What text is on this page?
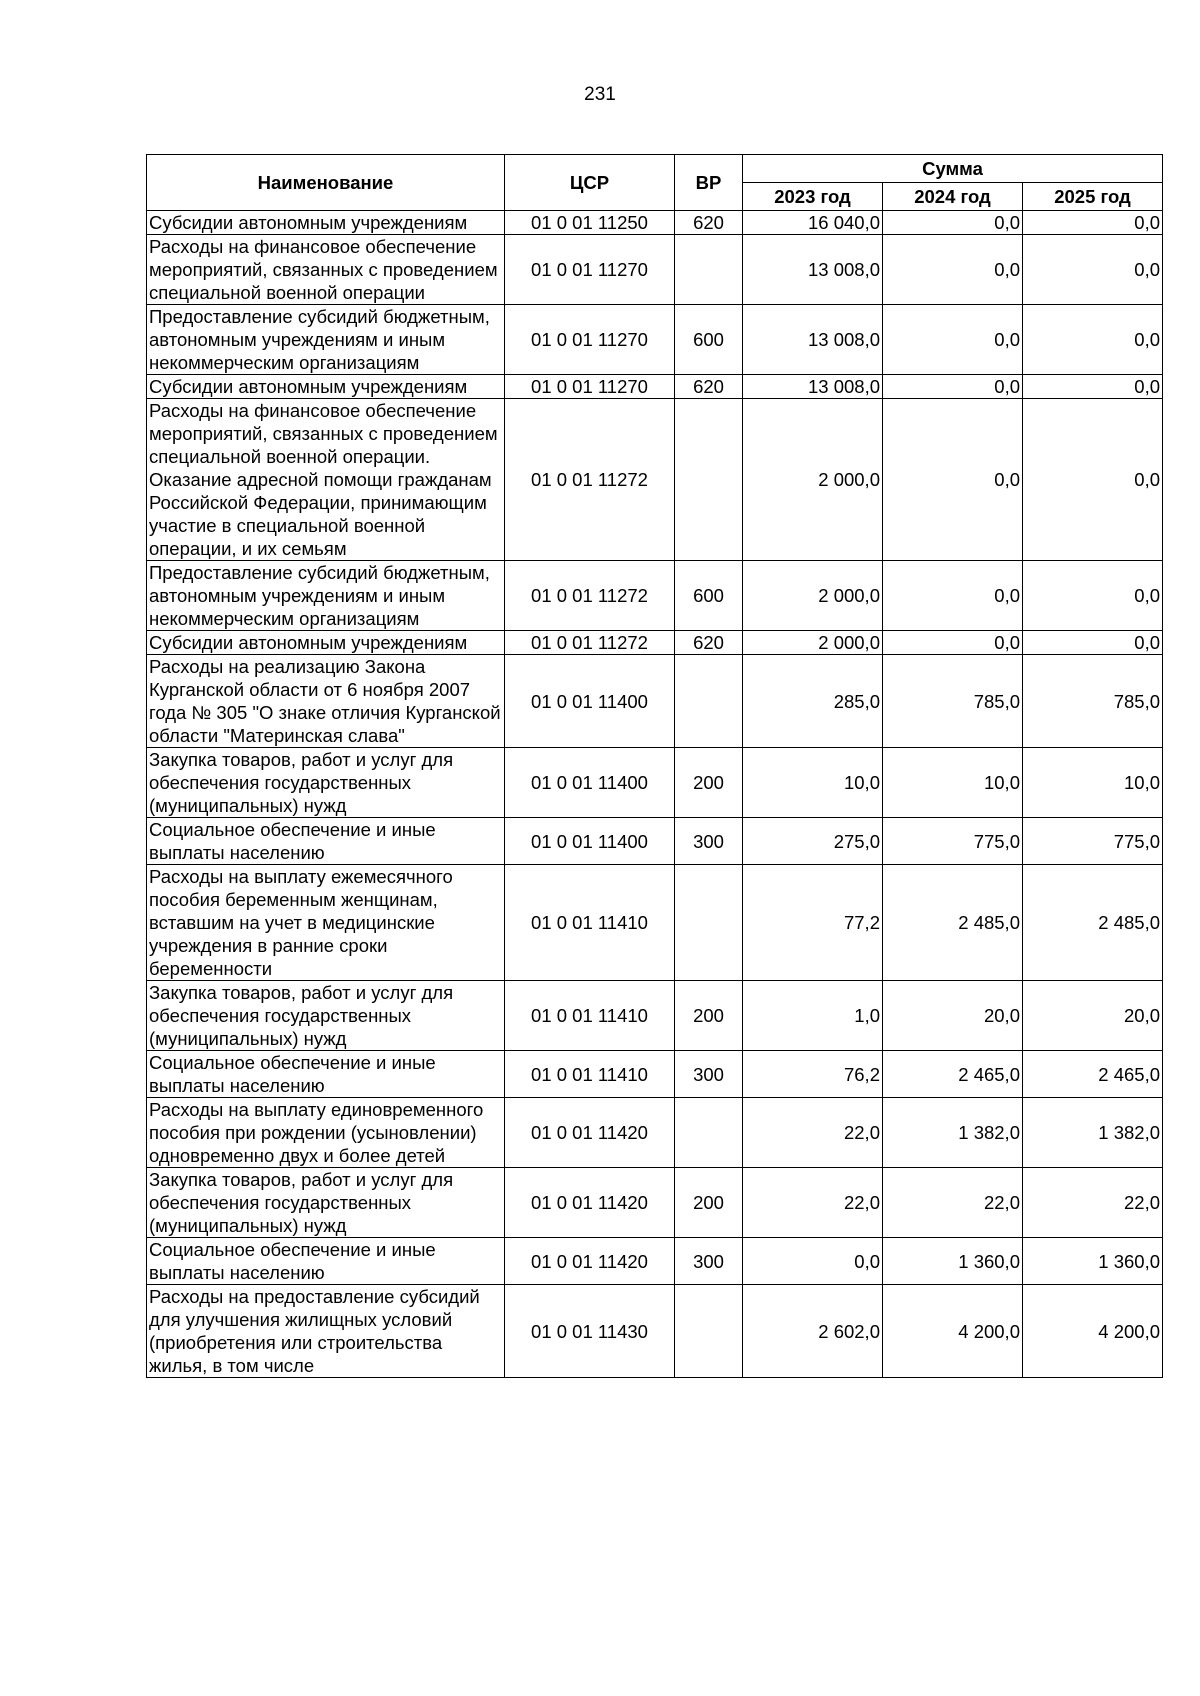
231
Наименование	ЦСР	ВР	Сумма		
			2023 год	2024 год	2025 год
Субсидии автономным учреждениям	01 0 01 11250	620	16 040,0	0,0	0,0
Расходы на финансовое обеспечение мероприятий, связанных с проведением специальной военной операции	01 0 01 11270		13 008,0	0,0	0,0
Предоставление субсидий бюджетным, автономным учреждениям и иным некоммерческим организациям	01 0 01 11270	600	13 008,0	0,0	0,0
Субсидии автономным учреждениям	01 0 01 11270	620	13 008,0	0,0	0,0
Расходы на финансовое обеспечение мероприятий, связанных с проведением специальной военной операции. Оказание адресной помощи гражданам Российской Федерации, принимающим участие в специальной военной операции, и их семьям	01 0 01 11272		2 000,0	0,0	0,0
Предоставление субсидий бюджетным, автономным учреждениям и иным некоммерческим организациям	01 0 01 11272	600	2 000,0	0,0	0,0
Субсидии автономным учреждениям	01 0 01 11272	620	2 000,0	0,0	0,0
Расходы на реализацию Закона Курганской области от 6 ноября 2007 года № 305 "О знаке отличия Курганской области "Материнская слава"	01 0 01 11400		285,0	785,0	785,0
Закупка товаров, работ и услуг для обеспечения государственных (муниципальных) нужд	01 0 01 11400	200	10,0	10,0	10,0
Социальное обеспечение и иные выплаты населению	01 0 01 11400	300	275,0	775,0	775,0
Расходы на выплату ежемесячного пособия беременным женщинам, вставшим на учет в медицинские учреждения в ранние сроки беременности	01 0 01 11410		77,2	2 485,0	2 485,0
Закупка товаров, работ и услуг для обеспечения государственных (муниципальных) нужд	01 0 01 11410	200	1,0	20,0	20,0
Социальное обеспечение и иные выплаты населению	01 0 01 11410	300	76,2	2 465,0	2 465,0
Расходы на выплату единовременного пособия при рождении (усыновлении) одновременно двух и более детей	01 0 01 11420		22,0	1 382,0	1 382,0
Закупка товаров, работ и услуг для обеспечения государственных (муниципальных) нужд	01 0 01 11420	200	22,0	22,0	22,0
Социальное обеспечение и иные выплаты населению	01 0 01 11420	300	0,0	1 360,0	1 360,0
Расходы на предоставление субсидий для улучшения жилищных условий (приобретения или строительства жилья, в том числе	01 0 01 11430		2 602,0	4 200,0	4 200,0
